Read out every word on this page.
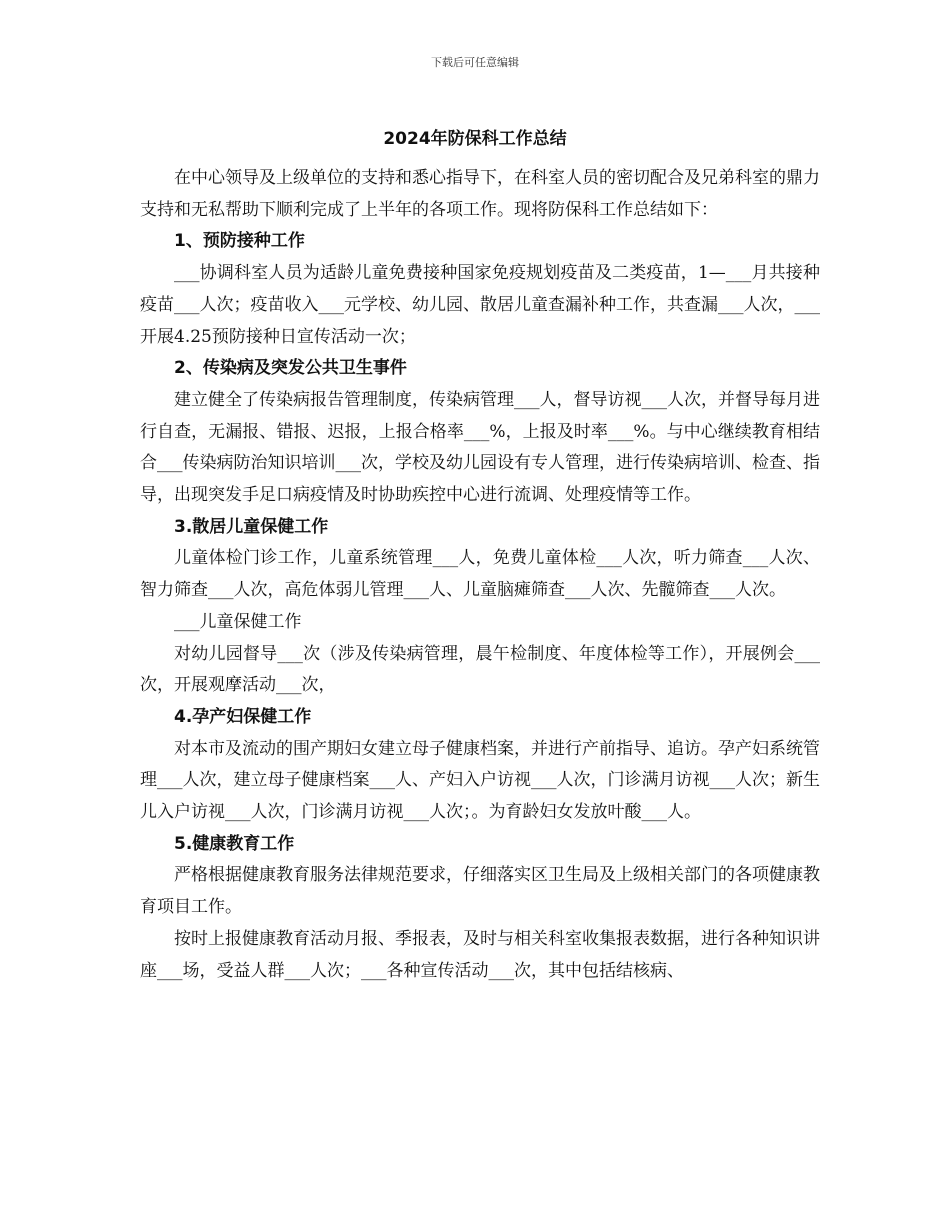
下载后可任意编辑
2024年防保科工作总结

在中心领导及上级单位的支持和悉心指导下，在科室人员的密切配合及兄弟科室的鼎力支持和无私帮助下顺利完成了上半年的各项工作。现将防保科工作总结如下：

1、预防接种工作

___协调科室人员为适龄儿童免费接种国家免疫规划疫苗及二类疫苗，1—___月共接种疫苗___人次；疫苗收入___元学校、幼儿园、散居儿童查漏补种工作，共查漏___人次，___开展4.25预防接种日宣传活动一次；

2、传染病及突发公共卫生事件

建立健全了传染病报告管理制度，传染病管理___人，督导访视___人次，并督导每月进行自查，无漏报、错报、迟报，上报合格率___%，上报及时率___%。与中心继续教育相结合___传染病防治知识培训___次，学校及幼儿园设有专人管理，进行传染病培训、检查、指导，出现突发手足口病疫情及时协助疾控中心进行流调、处理疫情等工作。

3.散居儿童保健工作

儿童体检门诊工作，儿童系统管理___人，免费儿童体检___人次，听力筛查___人次、智力筛查___人次，高危体弱儿管理___人、儿童脑瘫筛查___人次、先髋筛查___人次。

___儿童保健工作

对幼儿园督导___次（涉及传染病管理，晨午检制度、年度体检等工作），开展例会___次，开展观摩活动___次，

4.孕产妇保健工作

对本市及流动的围产期妇女建立母子健康档案，并进行产前指导、追访。孕产妇系统管理___人次，建立母子健康档案___人、产妇入户访视___人次，门诊满月访视___人次；新生儿入户访视___人次，门诊满月访视___人次；。为育龄妇女发放叶酸___人。

5.健康教育工作

严格根据健康教育服务法律规范要求，仔细落实区卫生局及上级相关部门的各项健康教育项目工作。

按时上报健康教育活动月报、季报表，及时与相关科室收集报表数据，进行各种知识讲座___场，受益人群___人次；___各种宣传活动___次，其中包括结核病、
